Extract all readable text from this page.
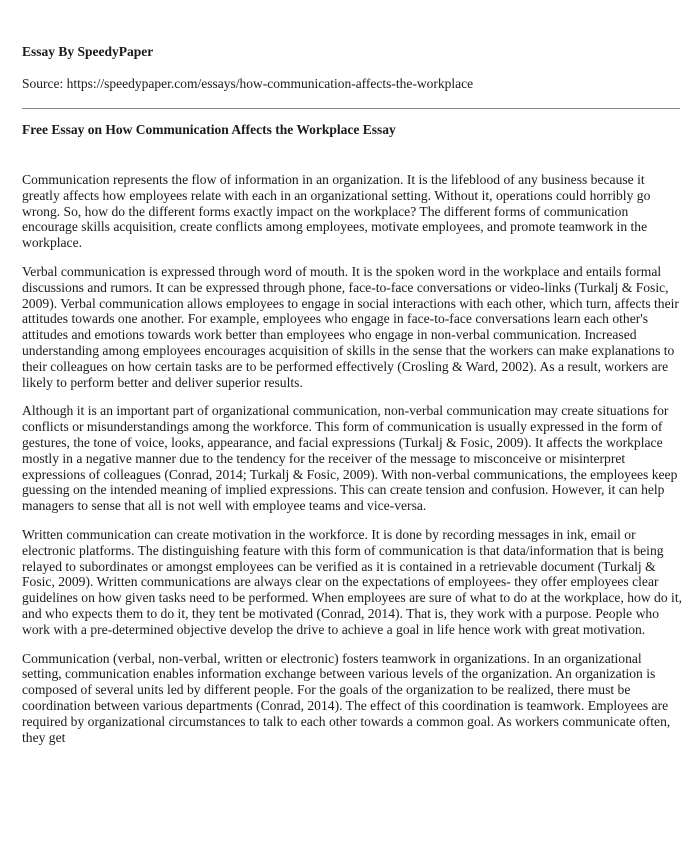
Essay By SpeedyPaper

Source: https://speedypaper.com/essays/how-communication-affects-the-workplace
Free Essay on How Communication Affects the Workplace Essay

Communication represents the flow of information in an organization. It is the lifeblood of any business because it greatly affects how employees relate with each in an organizational setting. Without it, operations could horribly go wrong. So, how do the different forms exactly impact on the workplace? The different forms of communication encourage skills acquisition, create conflicts among employees, motivate employees, and promote teamwork in the workplace.

Verbal communication is expressed through word of mouth. It is the spoken word in the workplace and entails formal discussions and rumors. It can be expressed through phone, face-to-face conversations or video-links (Turkalj & Fosic, 2009). Verbal communication allows employees to engage in social interactions with each other, which turn, affects their attitudes towards one another. For example, employees who engage in face-to-face conversations learn each other's attitudes and emotions towards work better than employees who engage in non-verbal communication. Increased understanding among employees encourages acquisition of skills in the sense that the workers can make explanations to their colleagues on how certain tasks are to be performed effectively (Crosling & Ward, 2002). As a result, workers are likely to perform better and deliver superior results.

Although it is an important part of organizational communication, non-verbal communication may create situations for conflicts or misunderstandings among the workforce. This form of communication is usually expressed in the form of gestures, the tone of voice, looks, appearance, and facial expressions (Turkalj & Fosic, 2009). It affects the workplace mostly in a negative manner due to the tendency for the receiver of the message to misconceive or misinterpret expressions of colleagues (Conrad, 2014; Turkalj & Fosic, 2009). With non-verbal communications, the employees keep guessing on the intended meaning of implied expressions. This can create tension and confusion. However, it can help managers to sense that all is not well with employee teams and vice-versa.

Written communication can create motivation in the workforce. It is done by recording messages in ink, email or electronic platforms. The distinguishing feature with this form of communication is that data/information that is being relayed to subordinates or amongst employees can be verified as it is contained in a retrievable document (Turkalj & Fosic, 2009). Written communications are always clear on the expectations of employees- they offer employees clear guidelines on how given tasks need to be performed. When employees are sure of what to do at the workplace, how do it, and who expects them to do it, they tent be motivated (Conrad, 2014). That is, they work with a purpose. People who work with a pre-determined objective develop the drive to achieve a goal in life hence work with great motivation.

Communication (verbal, non-verbal, written or electronic) fosters teamwork in organizations. In an organizational setting, communication enables information exchange between various levels of the organization. An organization is composed of several units led by different people. For the goals of the organization to be realized, there must be coordination between various departments (Conrad, 2014). The effect of this coordination is teamwork. Employees are required by organizational circumstances to talk to each other towards a common goal. As workers communicate often, they get
